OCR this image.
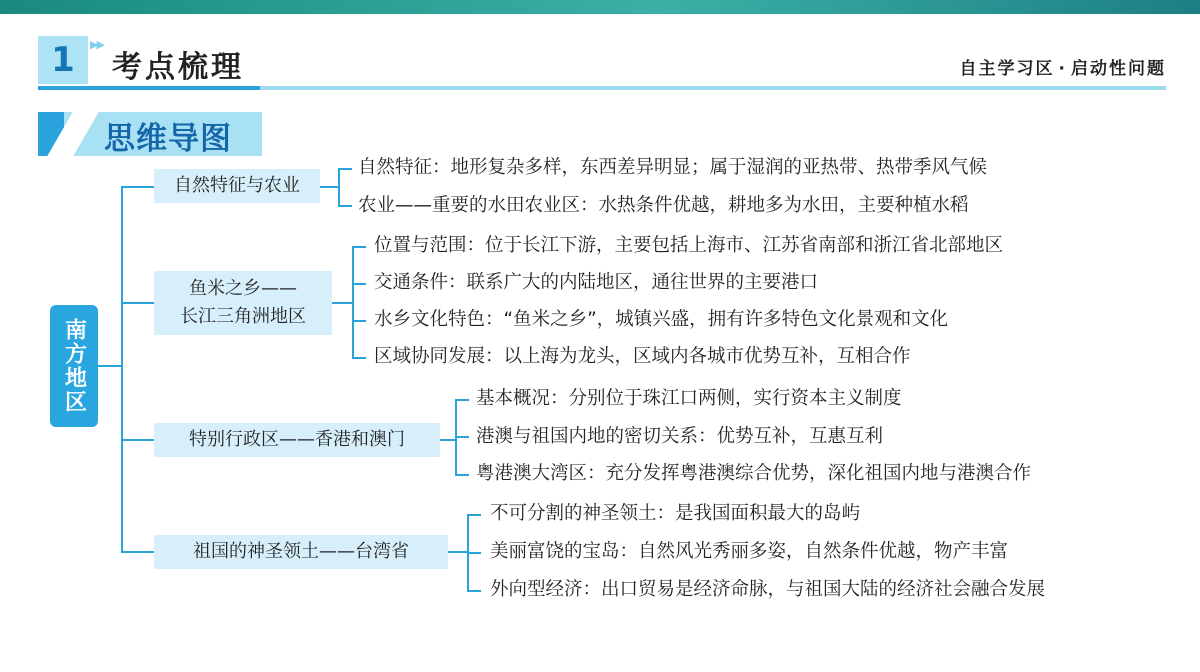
1	▶▶
考点梳理	自主学习区 · 启动性问题
思维导图
南方地区
自然特征与农业
自然特征：地形复杂多样，东西差异明显；属于湿润的亚热带、热带季风气候
农业——重要的水田农业区：水热条件优越，耕地多为水田，主要种植水稻
鱼米之乡——
长江三角洲地区
位置与范围：位于长江下游，主要包括上海市、江苏省南部和浙江省北部地区
交通条件：联系广大的内陆地区，通往世界的主要港口
水乡文化特色：“鱼米之乡”，城镇兴盛，拥有许多特色文化景观和文化
区域协同发展：以上海为龙头，区域内各城市优势互补，互相合作
特别行政区——香港和澳门
基本概况：分别位于珠江口两侧，实行资本主义制度
港澳与祖国内地的密切关系：优势互补，互惠互利
粤港澳大湾区：充分发挥粤港澳综合优势，深化祖国内地与港澳合作
祖国的神圣领土——台湾省
不可分割的神圣领土：是我国面积最大的岛屿
美丽富饶的宝岛：自然风光秀丽多姿，自然条件优越，物产丰富
外向型经济：出口贸易是经济命脉，与祖国大陆的经济社会融合发展
